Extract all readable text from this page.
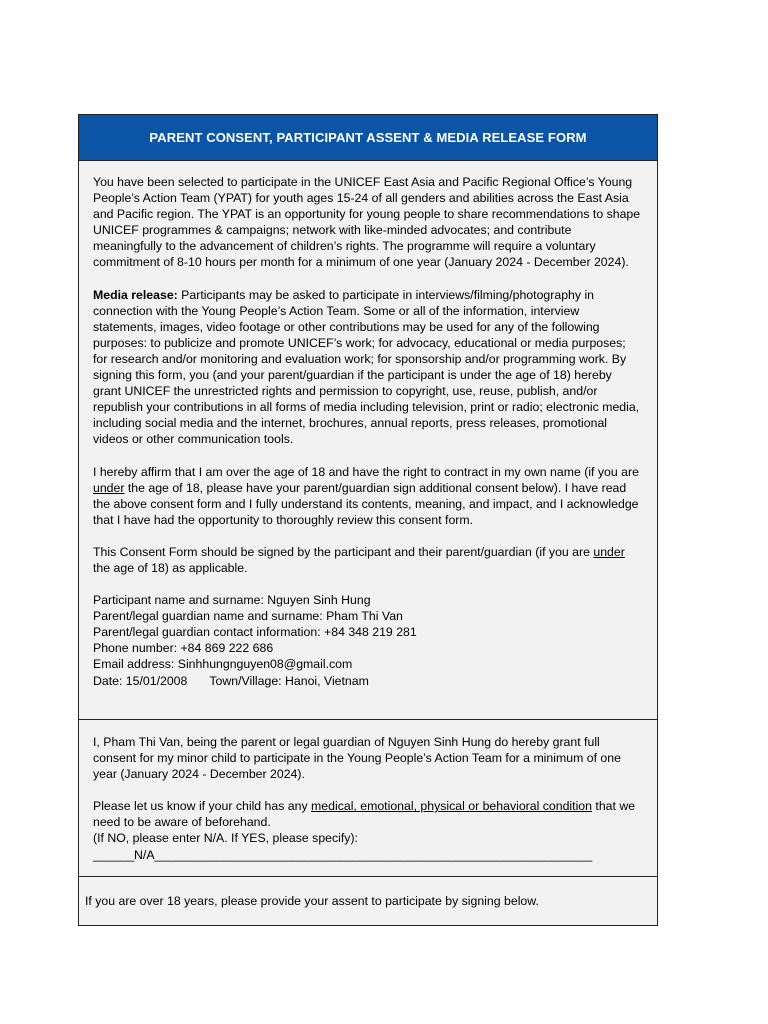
PARENT CONSENT, PARTICIPANT ASSENT & MEDIA RELEASE FORM

You have been selected to participate in the UNICEF East Asia and Pacific Regional Office’s Young People’s Action Team (YPAT) for youth ages 15-24 of all genders and abilities across the East Asia and Pacific region. The YPAT is an opportunity for young people to share recommendations to shape UNICEF programmes & campaigns; network with like-minded advocates; and contribute meaningfully to the advancement of children’s rights. The programme will require a voluntary commitment of 8-10 hours per month for a minimum of one year (January 2024 - December 2024).

Media release: Participants may be asked to participate in interviews/filming/photography in connection with the Young People’s Action Team. Some or all of the information, interview statements, images, video footage or other contributions may be used for any of the following purposes: to publicize and promote UNICEF’s work; for advocacy, educational or media purposes; for research and/or monitoring and evaluation work; for sponsorship and/or programming work. By signing this form, you (and your parent/guardian if the participant is under the age of 18) hereby grant UNICEF the unrestricted rights and permission to copyright, use, reuse, publish, and/or republish your contributions in all forms of media including television, print or radio; electronic media, including social media and the internet, brochures, annual reports, press releases, promotional videos or other communication tools.

I hereby affirm that I am over the age of 18 and have the right to contract in my own name (if you are under the age of 18, please have your parent/guardian sign additional consent below). I have read the above consent form and I fully understand its contents, meaning, and impact, and I acknowledge that I have had the opportunity to thoroughly review this consent form.

This Consent Form should be signed by the participant and their parent/guardian (if you are under the age of 18) as applicable.

Participant name and surname: Nguyen Sinh Hung
Parent/legal guardian name and surname: Pham Thi Van
Parent/legal guardian contact information: +84 348 219 281
Phone number: +84 869 222 686
Email address: Sinhhungnguyen08@gmail.com
Date: 15/01/2008 Town/Village: Hanoi, Vietnam

I, Pham Thi Van, being the parent or legal guardian of Nguyen Sinh Hung do hereby grant full consent for my minor child to participate in the Young People’s Action Team for a minimum of one year (January 2024 - December 2024).

Please let us know if your child has any medical, emotional, physical or behavioral condition that we need to be aware of beforehand.
(If NO, please enter N/A. If YES, please specify):
______N/A________________________________________________________________
If you are over 18 years, please provide your assent to participate by signing below.
